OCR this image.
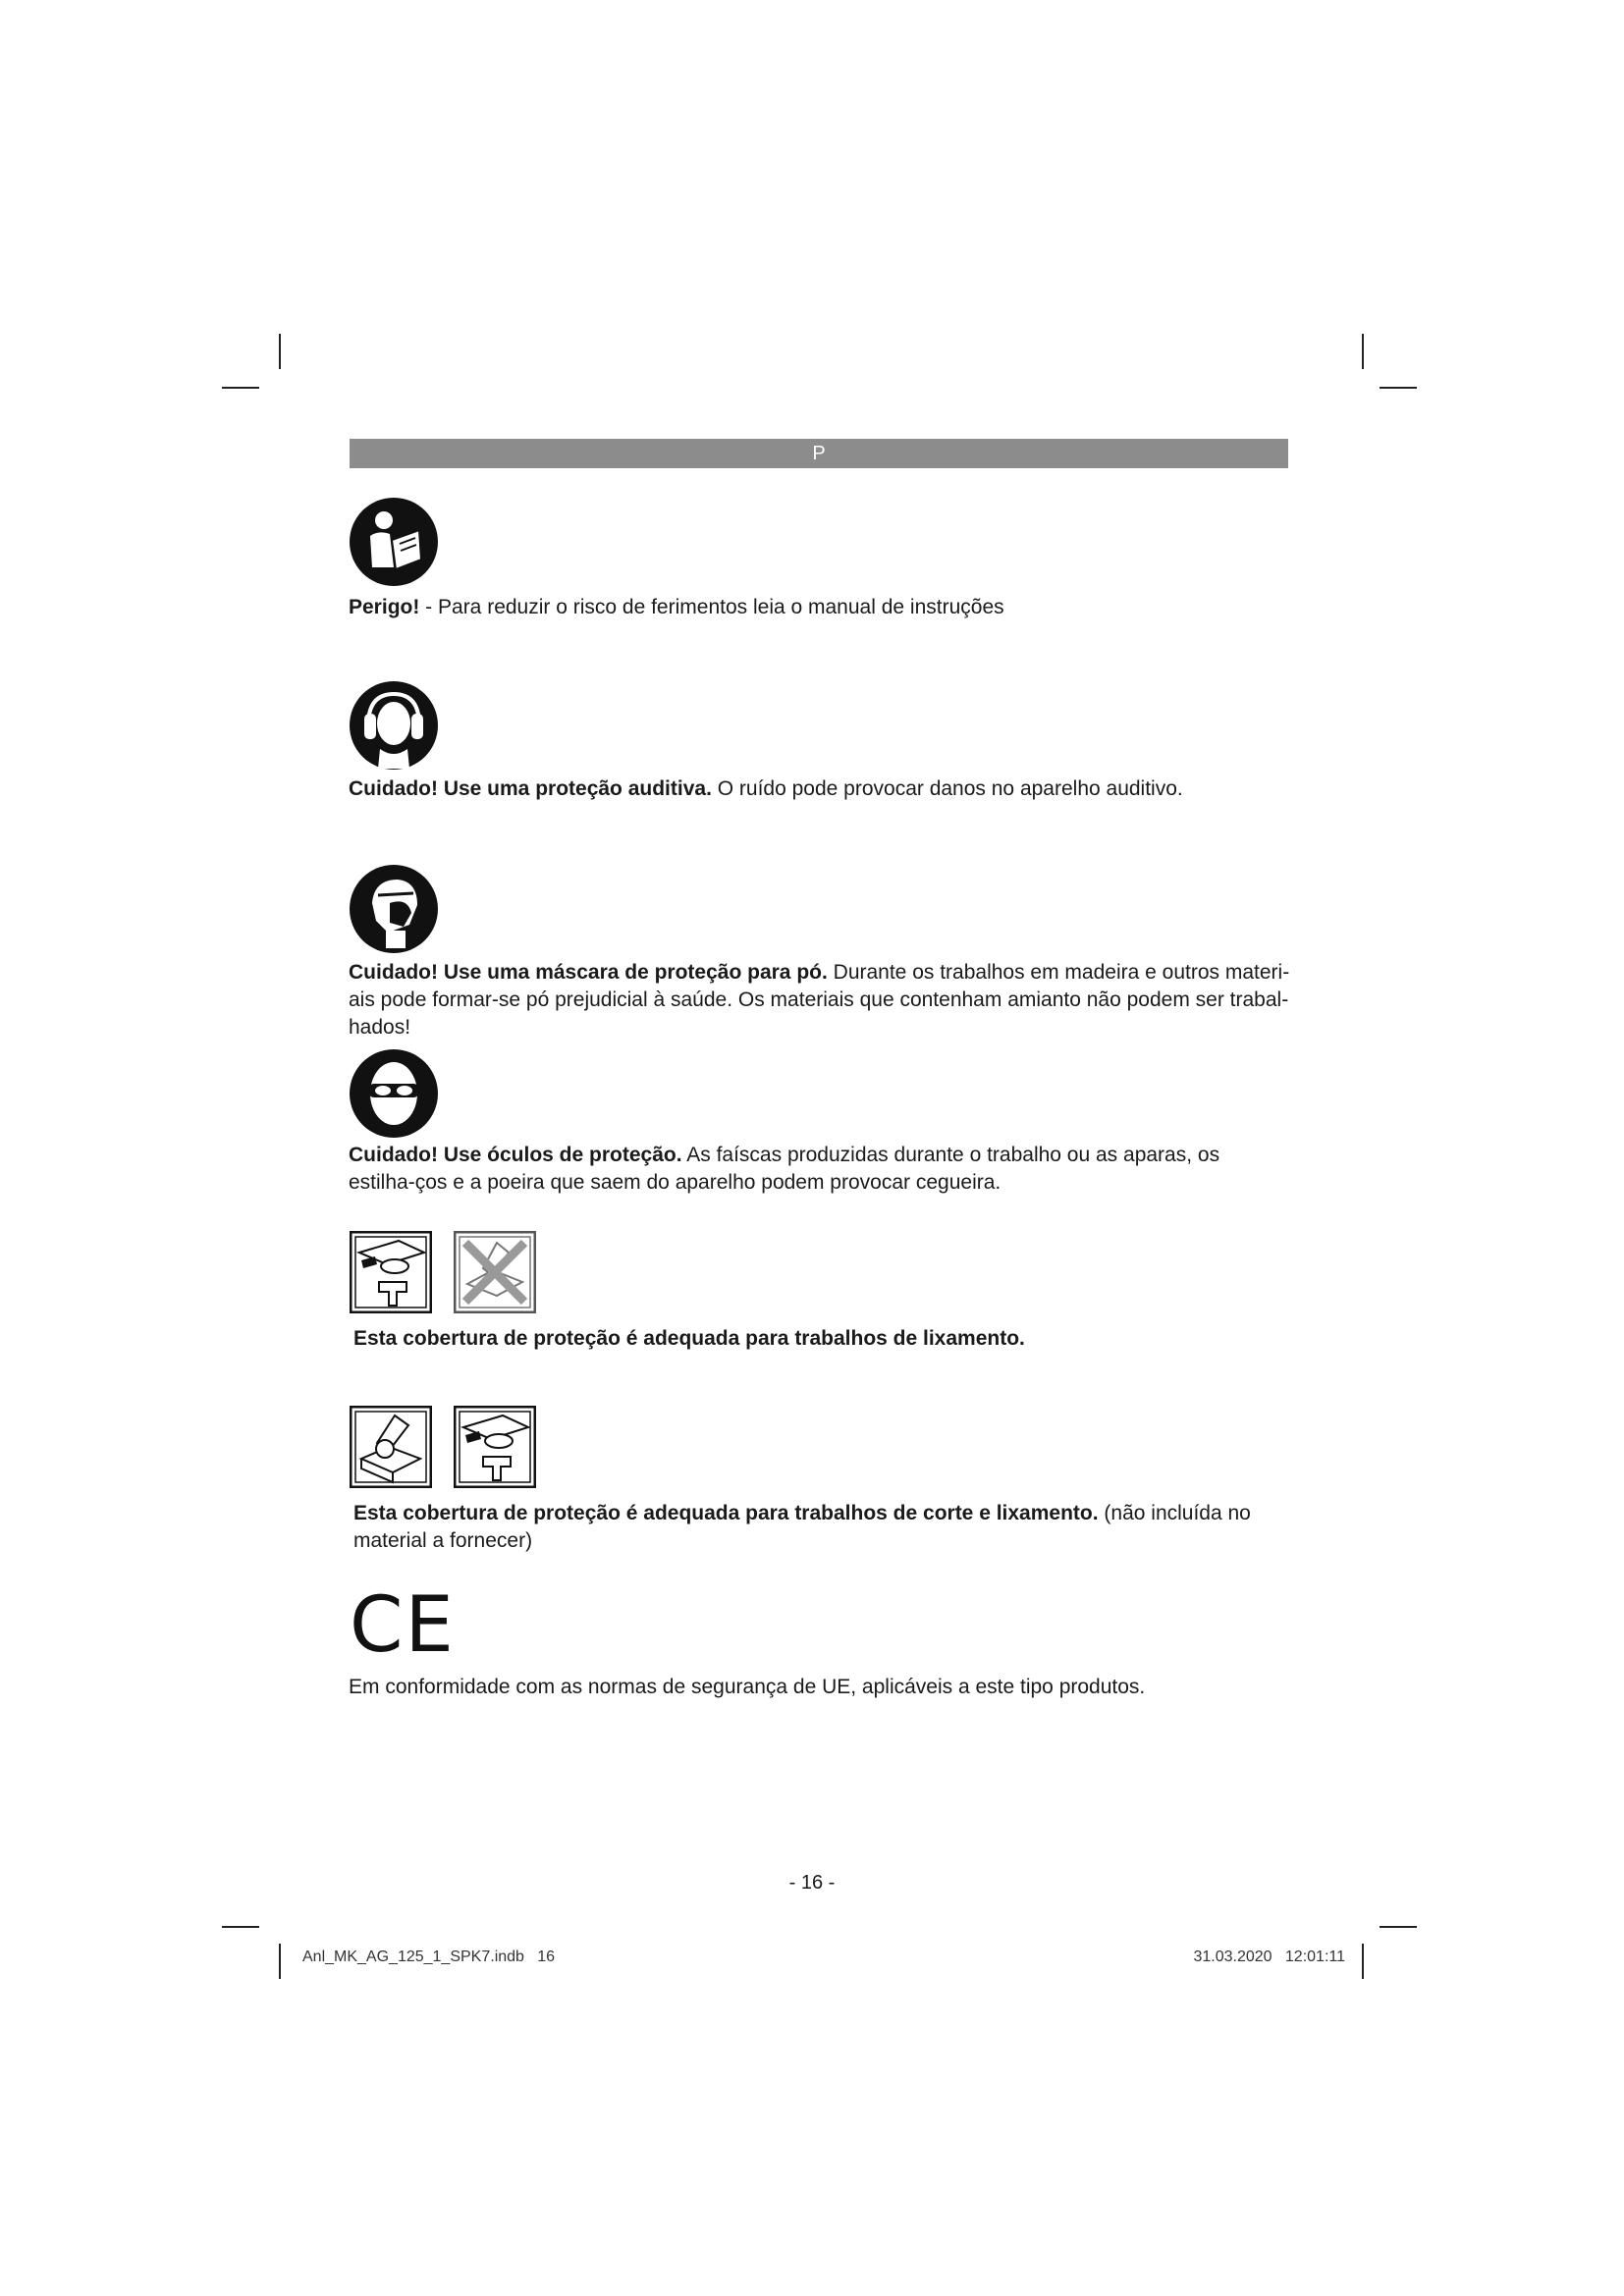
P

Perigo! - Para reduzir o risco de ferimentos leia o manual de instruções

Cuidado! Use uma proteção auditiva. O ruído pode provocar danos no aparelho auditivo.

Cuidado! Use uma máscara de proteção para pó. Durante os trabalhos em madeira e outros materi-ais pode formar-se pó prejudicial à saúde. Os materiais que contenham amianto não podem ser trabal-hados!

Cuidado! Use óculos de proteção. As faíscas produzidas durante o trabalho ou as aparas, os estilha-ços e a poeira que saem do aparelho podem provocar cegueira.

Esta cobertura de proteção é adequada para trabalhos de lixamento.

Esta cobertura de proteção é adequada para trabalhos de corte e lixamento. (não incluída no material a fornecer)

CE

Em conformidade com as normas de segurança de UE, aplicáveis a este tipo produtos.

- 16 -
Anl_MK_AG_125_1_SPK7.indb   16	31.03.2020   12:01:11
